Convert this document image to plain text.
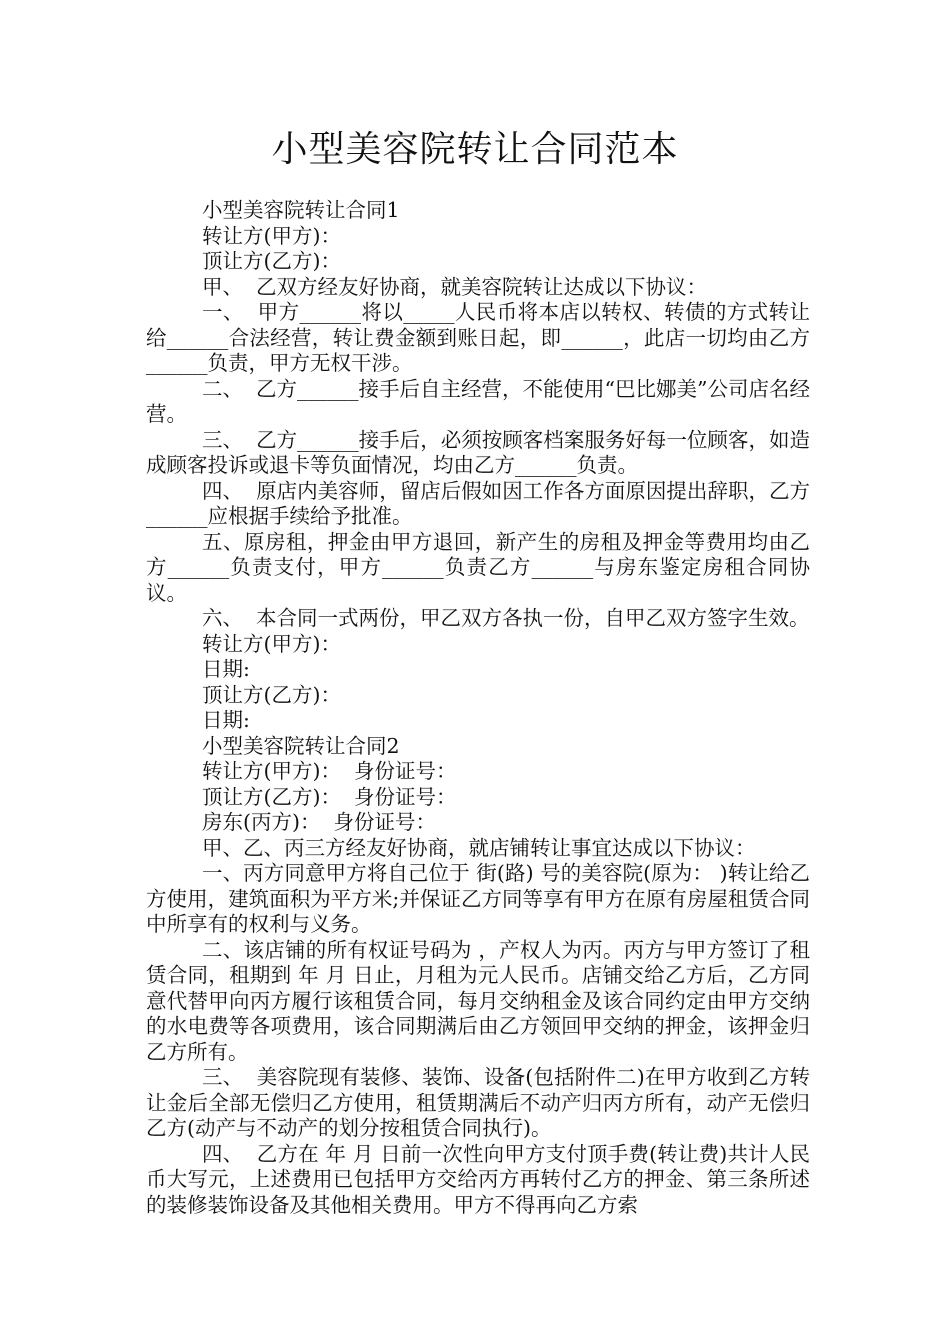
小型美容院转让合同范本

小型美容院转让合同1

转让方(甲方)：

顶让方(乙方)：

甲、  乙双方经友好协商，就美容院转让达成以下协议：

一、  甲方______将以_____人民币将本店以转权、转债的方式转让给______合法经营，转让费金额到账日起，即______，此店一切均由乙方______负责，甲方无权干涉。

二、  乙方______接手后自主经营，不能使用“巴比娜美”公司店名经营。

三、  乙方______接手后，必须按顾客档案服务好每一位顾客，如造成顾客投诉或退卡等负面情况，均由乙方______负责。

四、  原店内美容师，留店后假如因工作各方面原因提出辞职，乙方______应根据手续给予批准。

五、原房租，押金由甲方退回，新产生的房租及押金等费用均由乙方______负责支付，甲方______负责乙方______与房东鉴定房租合同协议。

六、  本合同一式两份，甲乙双方各执一份，自甲乙双方签字生效。

转让方(甲方)：

日期:

顶让方(乙方)：

日期:

小型美容院转让合同2

转让方(甲方)：  身份证号：

顶让方(乙方)：  身份证号：

房东(丙方)：  身份证号：

甲、乙、丙三方经友好协商，就店铺转让事宜达成以下协议：

一、丙方同意甲方将自己位于 街(路) 号的美容院(原为： )转让给乙方使用，建筑面积为平方米;并保证乙方同等享有甲方在原有房屋租赁合同中所享有的权利与义务。

二、该店铺的所有权证号码为 ，产权人为丙。丙方与甲方签订了租赁合同，租期到 年 月 日止，月租为元人民币。店铺交给乙方后，乙方同意代替甲向丙方履行该租赁合同，每月交纳租金及该合同约定由甲方交纳的水电费等各项费用，该合同期满后由乙方领回甲交纳的押金，该押金归乙方所有。

三、  美容院现有装修、装饰、设备(包括附件二)在甲方收到乙方转让金后全部无偿归乙方使用，租赁期满后不动产归丙方所有，动产无偿归乙方(动产与不动产的划分按租赁合同执行)。

四、  乙方在 年 月 日前一次性向甲方支付顶手费(转让费)共计人民币大写元，上述费用已包括甲方交给丙方再转付乙方的押金、第三条所述的装修装饰设备及其他相关费用。甲方不得再向乙方索
